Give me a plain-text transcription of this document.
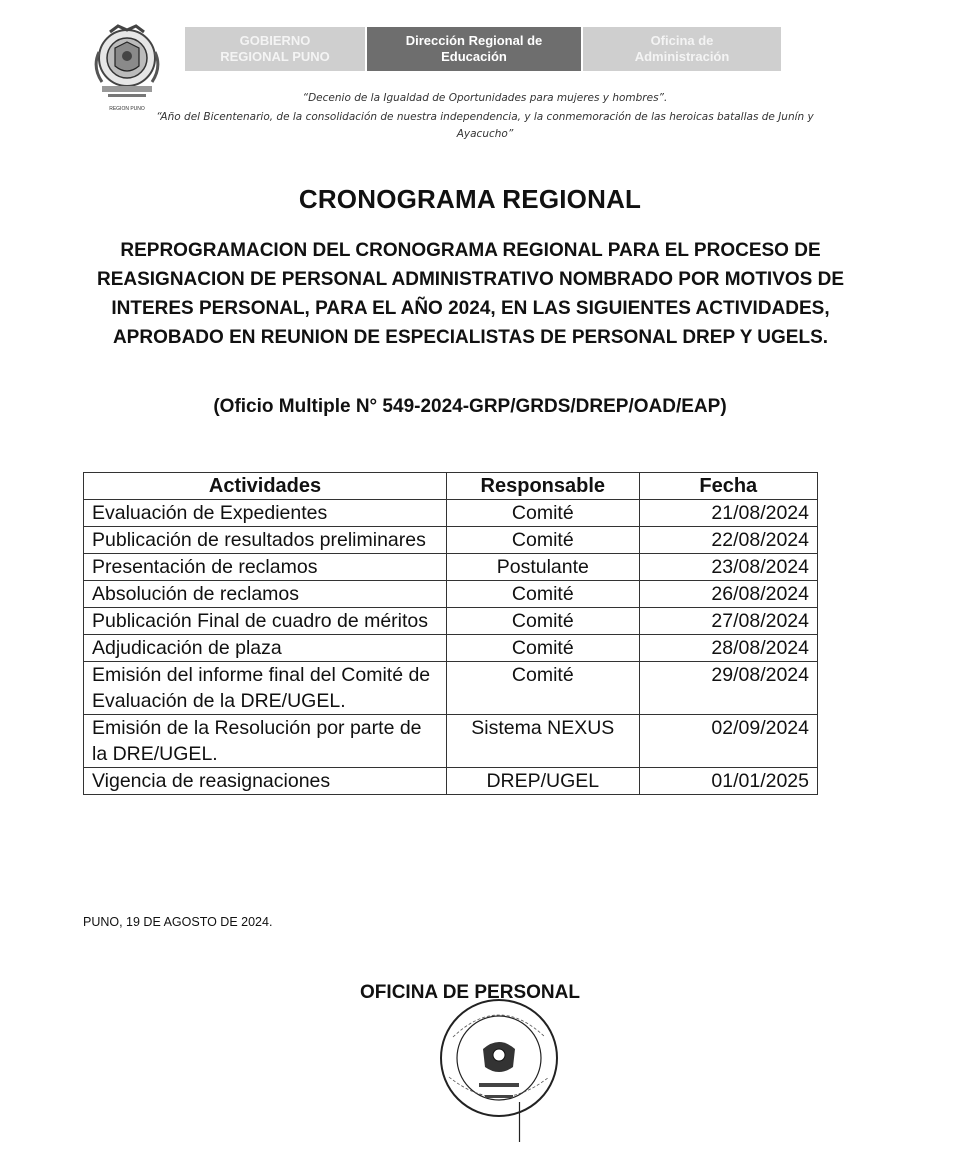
REGION PUNO
GOBIERNO
REGIONAL PUNO
Dirección Regional de
Educación
Oficina de
Administración
“Decenio de la Igualdad de Oportunidades para mujeres y hombres”.
“Año del Bicentenario, de la consolidación de nuestra independencia, y la conmemoración de las heroicas batallas de Junín y Ayacucho”
CRONOGRAMA REGIONAL
REPROGRAMACION DEL CRONOGRAMA REGIONAL PARA EL PROCESO DE REASIGNACION DE PERSONAL ADMINISTRATIVO NOMBRADO POR MOTIVOS DE INTERES PERSONAL, PARA EL AÑO 2024, EN LAS SIGUIENTES ACTIVIDADES, APROBADO EN REUNION DE ESPECIALISTAS DE PERSONAL DREP Y UGELS.
(Oficio Multiple N° 549-2024-GRP/GRDS/DREP/OAD/EAP)
Actividades	Responsable	Fecha
Evaluación de Expedientes	Comité	21/08/2024
Publicación de resultados preliminares	Comité	22/08/2024
Presentación de reclamos	Postulante	23/08/2024
Absolución de reclamos	Comité	26/08/2024
Publicación Final de cuadro de méritos	Comité	27/08/2024
Adjudicación de plaza	Comité	28/08/2024
Emisión del informe final del Comité de Evaluación de la DRE/UGEL.	Comité	29/08/2024
Emisión de la Resolución por parte de la DRE/UGEL.	Sistema NEXUS	02/09/2024
Vigencia de reasignaciones	DREP/UGEL	01/01/2025
PUNO, 19 DE AGOSTO DE 2024.
OFICINA DE PERSONAL
